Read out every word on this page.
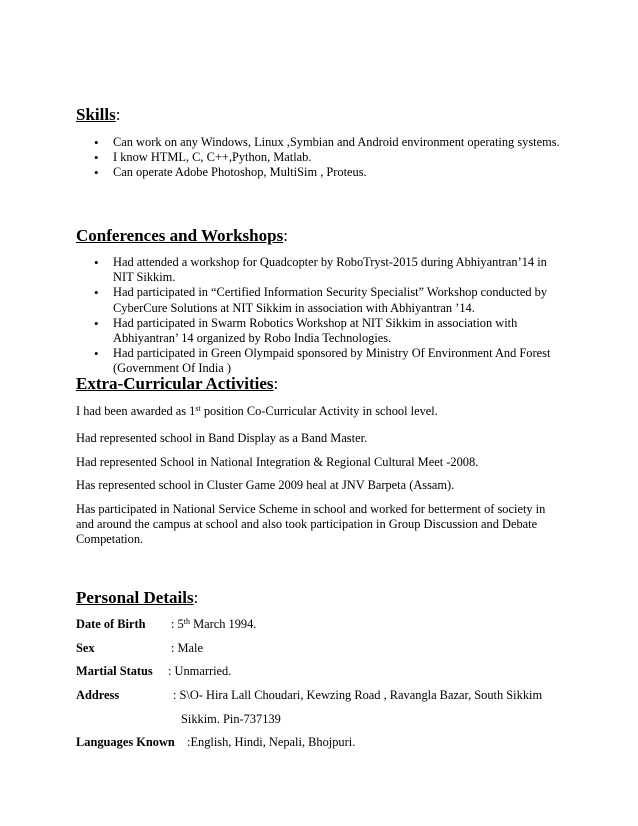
Skills:
• Can work on any Windows, Linux ,Symbian and Android environment operating systems.
• I know HTML, C, C++,Python, Matlab.
• Can operate Adobe Photoshop, MultiSim , Proteus.
Conferences and Workshops:
• Had attended a workshop for Quadcopter by RoboTryst-2015 during Abhiyantran’14 in NIT Sikkim.
• Had participated in “Certified Information Security Specialist” Workshop conducted by CyberCure Solutions at NIT Sikkim in association with Abhiyantran ’14.
• Had participated in Swarm Robotics Workshop at NIT Sikkim in association with Abhiyantran’ 14 organized by Robo India Technologies.
• Had participated in Green Olympaid sponsored by Ministry Of Environment And Forest (Government Of India )
Extra-Curricular Activities:

I had been awarded as 1st position Co-Curricular Activity in school level.

Had represented school in Band Display as a Band Master.

Had represented School in National Integration & Regional Cultural Meet -2008.

Has represented school in Cluster Game 2009 heal at JNV Barpeta (Assam).

Has participated in National Service Scheme in school and worked for betterment of society in and around the campus at school and also took participation in Group Discussion and Debate Competation.

Personal Details:
Date of Birth : 5th March 1994.
Sex	: Male
Martial Status : Unmarried.
Address	: S\O- Hira Lall Choudari, Kewzing Road , Ravangla Bazar, South Sikkim
Sikkim. Pin-737139
Languages Known :English, Hindi, Nepali, Bhojpuri.
